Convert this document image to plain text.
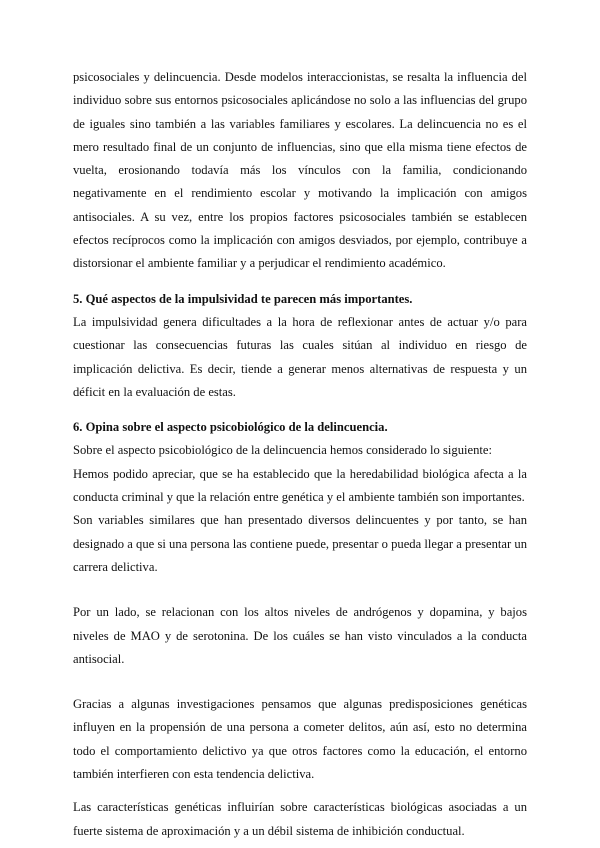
psicosociales y delincuencia. Desde modelos interaccionistas, se resalta la influencia del individuo sobre sus entornos psicosociales aplicándose no solo a las influencias del grupo de iguales sino también a las variables familiares y escolares. La delincuencia no es el mero resultado final de un conjunto de influencias, sino que ella misma tiene efectos de vuelta, erosionando todavía más los vínculos con la familia, condicionando negativamente en el rendimiento escolar y motivando la implicación con amigos antisociales. A su vez, entre los propios factores psicosociales también se establecen efectos recíprocos como la implicación con amigos desviados, por ejemplo, contribuye a distorsionar el ambiente familiar y a perjudicar el rendimiento académico.

5. Qué aspectos de la impulsividad te parecen más importantes.

La impulsividad genera dificultades a la hora de reflexionar antes de actuar y/o para cuestionar las consecuencias futuras las cuales sitúan al individuo en riesgo de implicación delictiva. Es decir, tiende a generar menos alternativas de respuesta y un déficit en la evaluación de estas.

6. Opina sobre el aspecto psicobiológico de la delincuencia.

Sobre el aspecto psicobiológico de la delincuencia hemos considerado lo siguiente:

Hemos podido apreciar, que se ha establecido que la heredabilidad biológica afecta a la conducta criminal y que la relación entre genética y el ambiente también son importantes.

Son variables similares que han presentado diversos delincuentes y por tanto, se han designado a que si una persona las contiene puede, presentar o pueda llegar a presentar un carrera delictiva.

Por un lado, se relacionan con los altos niveles de andrógenos y dopamina, y bajos niveles de MAO y de serotonina. De los cuáles se han visto vinculados a la conducta antisocial.

Gracias a algunas investigaciones pensamos que algunas predisposiciones genéticas influyen en la propensión de una persona a cometer delitos, aún así, esto no determina todo el comportamiento delictivo ya que otros factores como la educación, el entorno también interfieren con esta tendencia delictiva.

Las características genéticas influirían sobre características biológicas asociadas a un fuerte sistema de aproximación y a un débil sistema de inhibición conductual.
